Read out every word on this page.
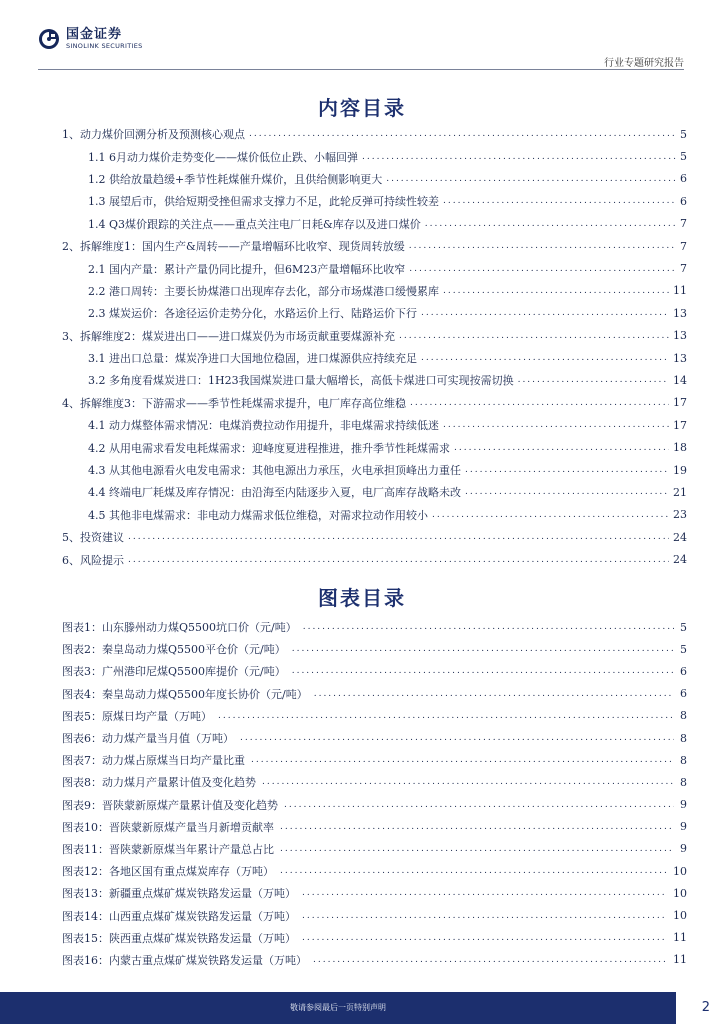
国金证券
SINOLINK SECURITIES
行业专题研究报告
内容目录
1、动力煤价回溯分析及预测核心观点 .....	5
1.1 6月动力煤价走势变化——煤价低位止跌、小幅回弹 .....	5
1.2 供给放量趋缓+季节性耗煤催升煤价，且供给侧影响更大 .....	6
1.3 展望后市，供给短期受挫但需求支撑力不足，此轮反弹可持续性较差 .....	6
1.4 Q3煤价跟踪的关注点——重点关注电厂日耗&库存以及进口煤价 .....	7
2、拆解维度1：国内生产&周转——产量增幅环比收窄、现货周转放缓 .....	7
2.1 国内产量：累计产量仍同比提升，但6M23产量增幅环比收窄 .....	7
2.2 港口周转：主要长协煤港口出现库存去化，部分市场煤港口缓慢累库 .....	11
2.3 煤炭运价：各途径运价走势分化，水路运价上行、陆路运价下行 .....	13
3、拆解维度2：煤炭进出口——进口煤炭仍为市场贡献重要煤源补充 .....	13
3.1 进出口总量：煤炭净进口大国地位稳固，进口煤源供应持续充足 .....	13
3.2 多角度看煤炭进口：1H23我国煤炭进口量大幅增长，高低卡煤进口可实现按需切换 .....	14
4、拆解维度3：下游需求——季节性耗煤需求提升，电厂库存高位维稳 .....	17
4.1 动力煤整体需求情况：电煤消费拉动作用提升，非电煤需求持续低迷 .....	17
4.2 从用电需求看发电耗煤需求：迎峰度夏进程推进，推升季节性耗煤需求 .....	18
4.3 从其他电源看火电发电需求：其他电源出力承压，火电承担顶峰出力重任 .....	19
4.4 终端电厂耗煤及库存情况：由沿海至内陆逐步入夏，电厂高库存战略未改 .....	21
4.5 其他非电煤需求：非电动力煤需求低位维稳，对需求拉动作用较小 .....	23
5、投资建议 .....	24
6、风险提示 .....	24
图表目录
图表1： 山东滕州动力煤Q5500坑口价（元/吨） .....	5
图表2： 秦皇岛动力煤Q5500平仓价（元/吨） .....	5
图表3： 广州港印尼煤Q5500库提价（元/吨） .....	6
图表4： 秦皇岛动力煤Q5500年度长协价（元/吨） .....	6
图表5： 原煤日均产量（万吨） .....	8
图表6： 动力煤产量当月值（万吨） .....	8
图表7： 动力煤占原煤当日均产量比重 .....	8
图表8： 动力煤月产量累计值及变化趋势 .....	8
图表9： 晋陕蒙新原煤产量累计值及变化趋势 .....	9
图表10： 晋陕蒙新原煤产量当月新增贡献率 .....	9
图表11： 晋陕蒙新原煤当年累计产量总占比 .....	9
图表12： 各地区国有重点煤炭库存（万吨） .....	10
图表13： 新疆重点煤矿煤炭铁路发运量（万吨） .....	10
图表14： 山西重点煤矿煤炭铁路发运量（万吨） .....	10
图表15： 陕西重点煤矿煤炭铁路发运量（万吨） .....	11
图表16： 内蒙古重点煤矿煤炭铁路发运量（万吨） .....	11
敬请参阅最后一页特别声明	2
